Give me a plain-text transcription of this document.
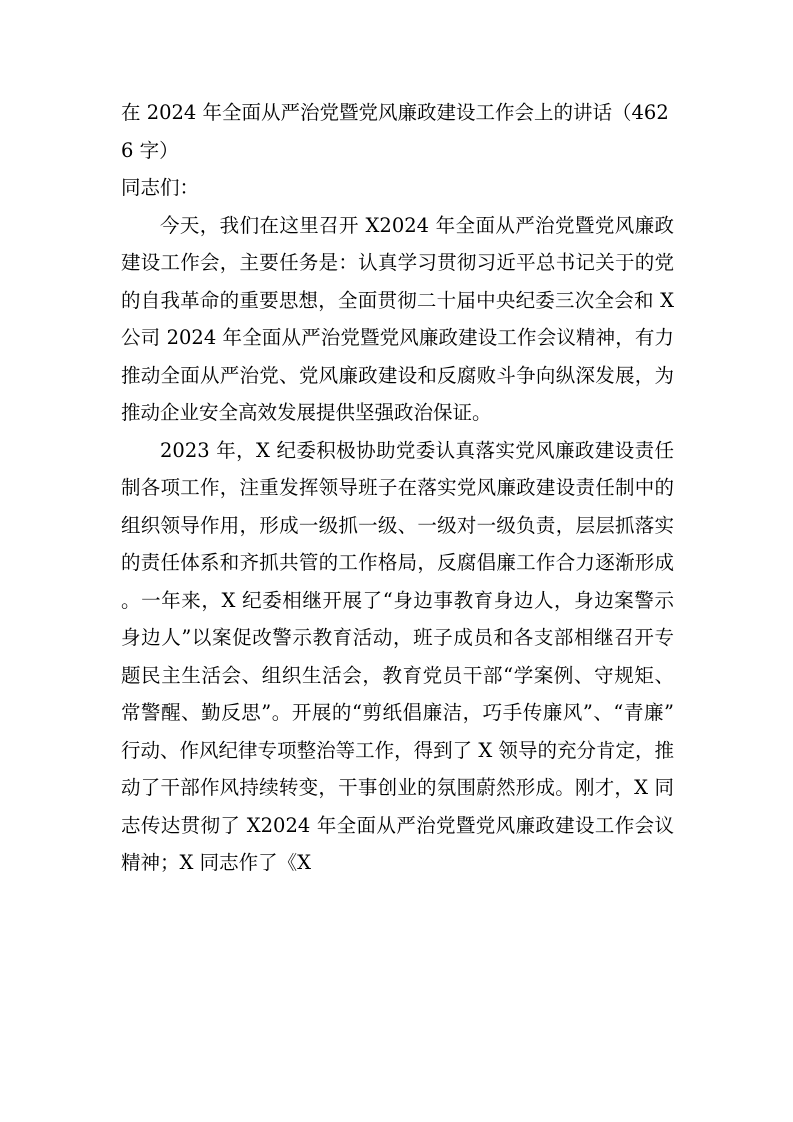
在 2024 年全面从严治党暨党风廉政建设工作会上的讲话（4626 字）

同志们：

今天，我们在这里召开 X2024 年全面从严治党暨党风廉政建设工作会，主要任务是：认真学习贯彻习近平总书记关于的党的自我革命的重要思想，全面贯彻二十届中央纪委三次全会和 X 公司 2024 年全面从严治党暨党风廉政建设工作会议精神，有力推动全面从严治党、党风廉政建设和反腐败斗争向纵深发展，为推动企业安全高效发展提供坚强政治保证。

2023 年，X 纪委积极协助党委认真落实党风廉政建设责任制各项工作，注重发挥领导班子在落实党风廉政建设责任制中的组织领导作用，形成一级抓一级、一级对一级负责，层层抓落实的责任体系和齐抓共管的工作格局，反腐倡廉工作合力逐渐形成。一年来，X 纪委相继开展了“身边事教育身边人，身边案警示身边人”以案促改警示教育活动，班子成员和各支部相继召开专题民主生活会、组织生活会，教育党员干部“学案例、守规矩、常警醒、勤反思”。开展的“剪纸倡廉洁，巧手传廉风”、“青廉”行动、作风纪律专项整治等工作，得到了 X 领导的充分肯定，推动了干部作风持续转变，干事创业的氛围蔚然形成。刚才，X 同志传达贯彻了 X2024 年全面从严治党暨党风廉政建设工作会议精神；X 同志作了《X
